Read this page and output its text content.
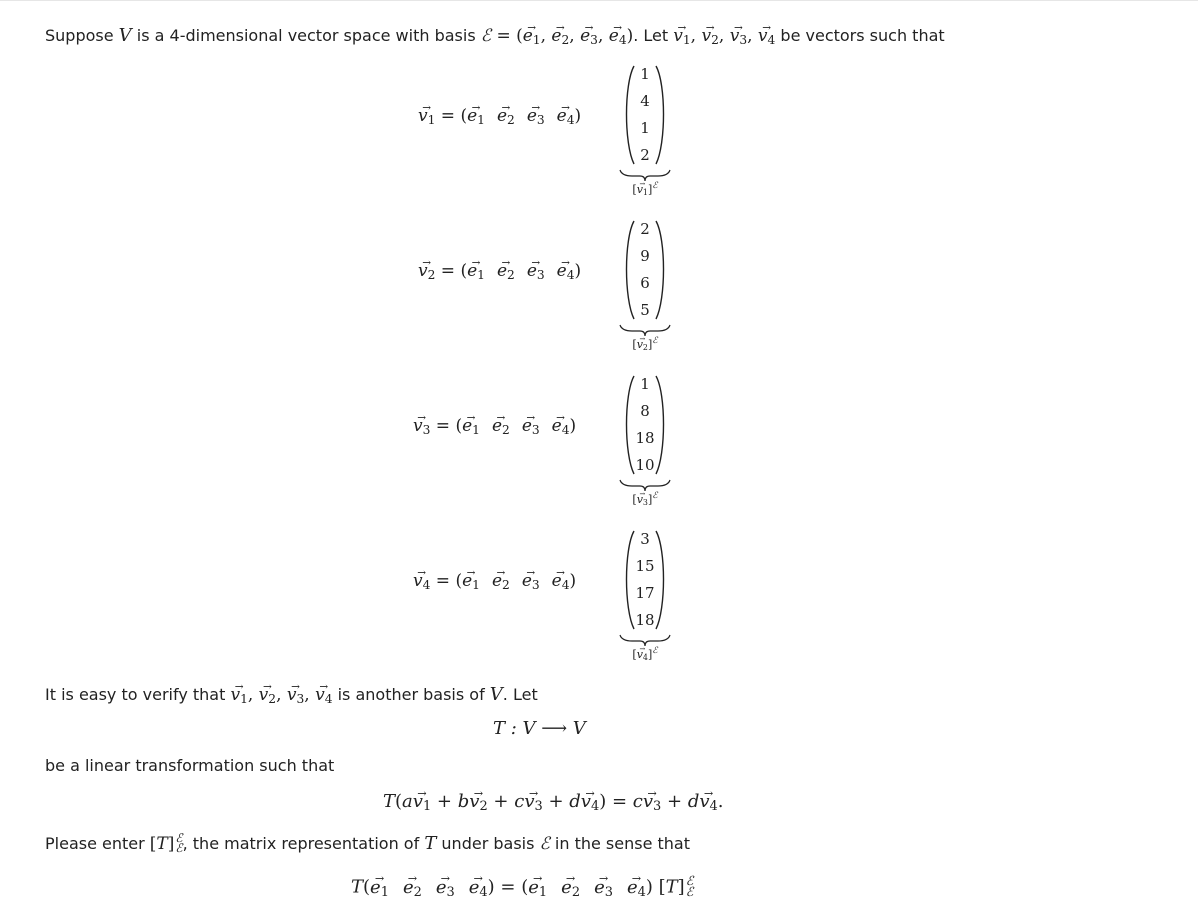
Suppose V is a 4-dimensional vector space with basis ℰ = (→ $e_1$, → $e_2$, → $e_3$, → $e_4$). Let → $v_1$, → $v_2$, → $v_3$, → $v_4$ be vectors such that
→ $v_1$ = (→ $e_1 \to e_2 \to e_3 \to e_4$)
1
4
1
2
[→ $v_1]^ℰ$
→ $v_2$ = (→ $e_1 \to e_2 \to e_3 \to e_4$)
2
9
6
5
[→ $v_2]^ℰ$
→ $v_3$ = (→ $e_1 \to e_2 \to e_3 \to e_4$)
1
8
18
10
[→ $v_3]^ℰ$
→ $v_4$ = (→ $e_1 \to e_2 \to e_3 \to e_4$)
3
15
17
18
[→ $v_4]^ℰ$
It is easy to verify that → $v_1$, → $v_2$, → $v_3$, → $v_4$ is another basis of V. Let
T : V ⟶ V
be a linear transformation such that
$T(a\to v_1 + b\to v_2 + c\to v_3 + d\to v_4) = c\to v_3 + d\to v_4$.
Please enter [T] ℰ
ℰ , the matrix representation of T under basis ℰ in the sense that
$T(\to e_1 \to e_2 \to e_3 \to e_4)$ = (→ $e_1 \to e_2 \to e_3 \to e_4$) [T] ℰ
ℰ
